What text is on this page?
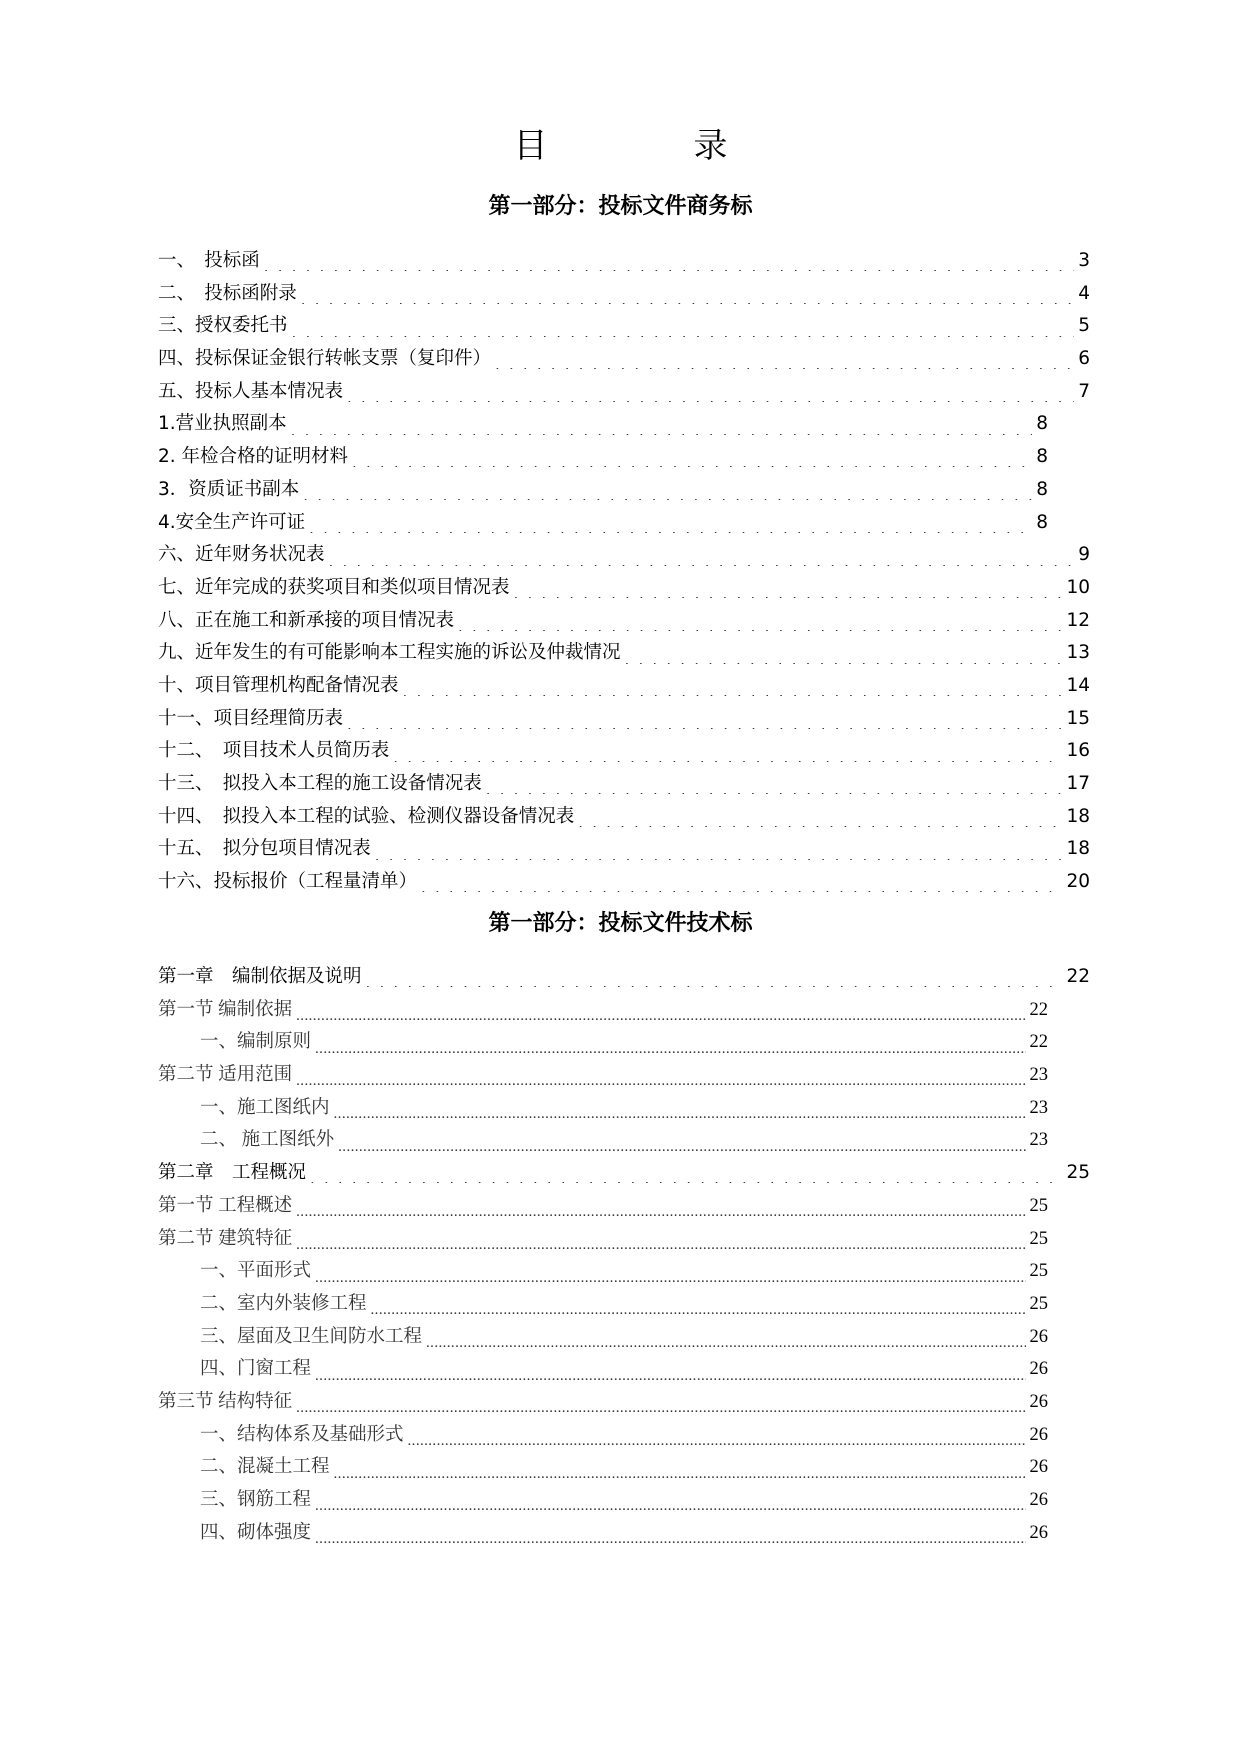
目　录
第一部分：投标文件商务标
一、　投标函 . . .	3
二、　投标函附录 . . .	4
三、授权委托书 . . .	5
四、投标保证金银行转帐支票（复印件） . . .	6
五、投标人基本情况表 . . .	7
1.营业执照副本 . . .	8
2. 年检合格的证明材料 . . .	8
3．资质证书副本 . . .	8
4.安全生产许可证 . . .	8
六、近年财务状况表 . . .	9
七、近年完成的获奖项目和类似项目情况表 . . .	10
八、正在施工和新承接的项目情况表 . . .	12
九、近年发生的有可能影响本工程实施的诉讼及仲裁情况 . . .	13
十、项目管理机构配备情况表 . . .	14
十一、项目经理简历表 . . .	15
十二、　项目技术人员简历表 . . .	16
十三、　拟投入本工程的施工设备情况表 . . .	17
十四、　拟投入本工程的试验、检测仪器设备情况表 . . .	18
十五、　拟分包项目情况表 . . .	18
十六、投标报价（工程量清单） . . .	20
第一部分：投标文件技术标
第一章　编制依据及说明 . . .	22
第一节 编制依据 .....	22
一、编制原则 .....	22
第二节 适用范围 .....	23
一、施工图纸内 .....	23
二、 施工图纸外 .....	23
第二章　工程概况 . . .	25
第一节 工程概述 .....	25
第二节 建筑特征 .....	25
一、平面形式 .....	25
二、室内外装修工程 .....	25
三、屋面及卫生间防水工程 .....	26
四、门窗工程 .....	26
第三节 结构特征 .....	26
一、结构体系及基础形式 .....	26
二、混凝土工程 .....	26
三、钢筋工程 .....	26
四、砌体强度 .....	26
